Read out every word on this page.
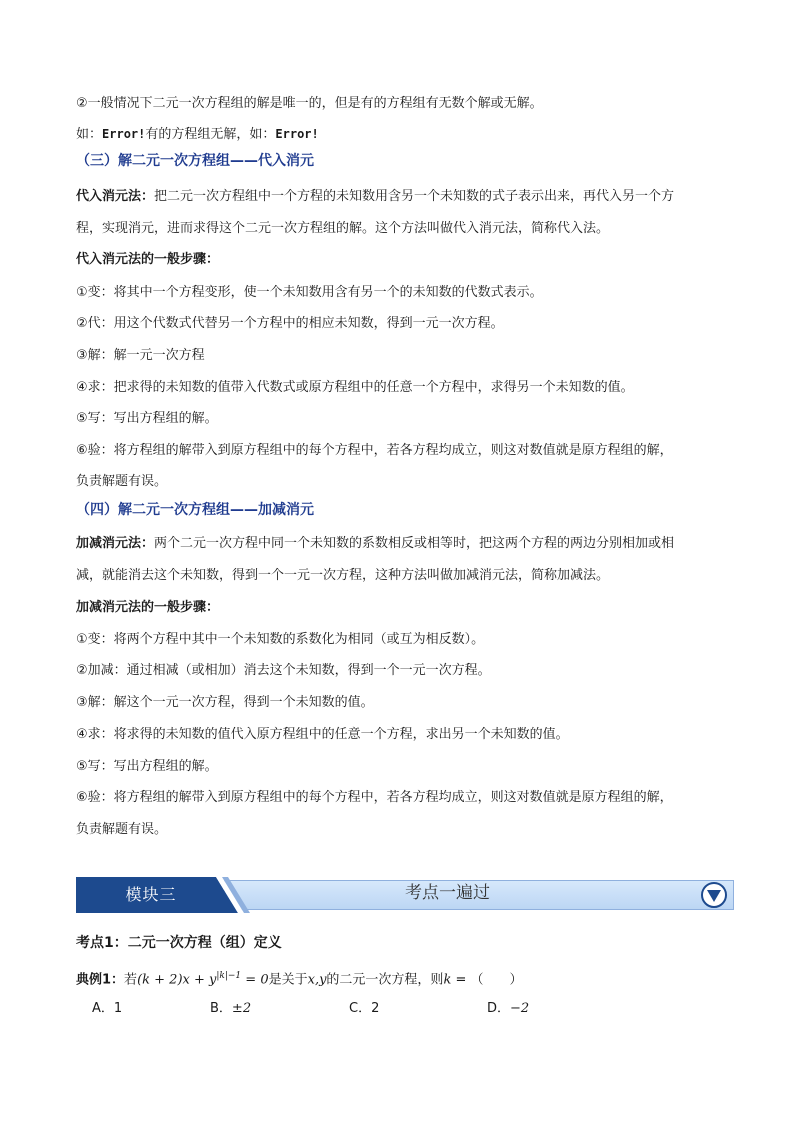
②一般情况下二元一次方程组的解是唯一的，但是有的方程组有无数个解或无解。
如：Error!有的方程组无解，如：Error!
（三）解二元一次方程组——代入消元
代入消元法：把二元一次方程组中一个方程的未知数用含另一个未知数的式子表示出来，再代入另一个方
程，实现消元，进而求得这个二元一次方程组的解。这个方法叫做代入消元法，简称代入法。
代入消元法的一般步骤：
①变：将其中一个方程变形，使一个未知数用含有另一个的未知数的代数式表示。
②代：用这个代数式代替另一个方程中的相应未知数，得到一元一次方程。
③解：解一元一次方程
④求：把求得的未知数的值带入代数式或原方程组中的任意一个方程中，求得另一个未知数的值。
⑤写：写出方程组的解。
⑥验：将方程组的解带入到原方程组中的每个方程中，若各方程均成立，则这对数值就是原方程组的解，
负责解题有误。
（四）解二元一次方程组——加减消元
加减消元法：两个二元一次方程中同一个未知数的系数相反或相等时，把这两个方程的两边分别相加或相
减，就能消去这个未知数，得到一个一元一次方程，这种方法叫做加减消元法，简称加减法。
加减消元法的一般步骤：
①变：将两个方程中其中一个未知数的系数化为相同（或互为相反数）。
②加减：通过相减（或相加）消去这个未知数，得到一个一元一次方程。
③解：解这个一元一次方程，得到一个未知数的值。
④求：将求得的未知数的值代入原方程组中的任意一个方程，求出另一个未知数的值。
⑤写：写出方程组的解。
⑥验：将方程组的解带入到原方程组中的每个方程中，若各方程均成立，则这对数值就是原方程组的解，
负责解题有误。
考点一遍过
模块三
考点1：二元一次方程（组）定义
典例1：若$(k + 2)x + y^{|k|-1} = 0$是关于x,y的二元一次方程，则k = （　　）
A．1	B．±2	C．2	D．−2
